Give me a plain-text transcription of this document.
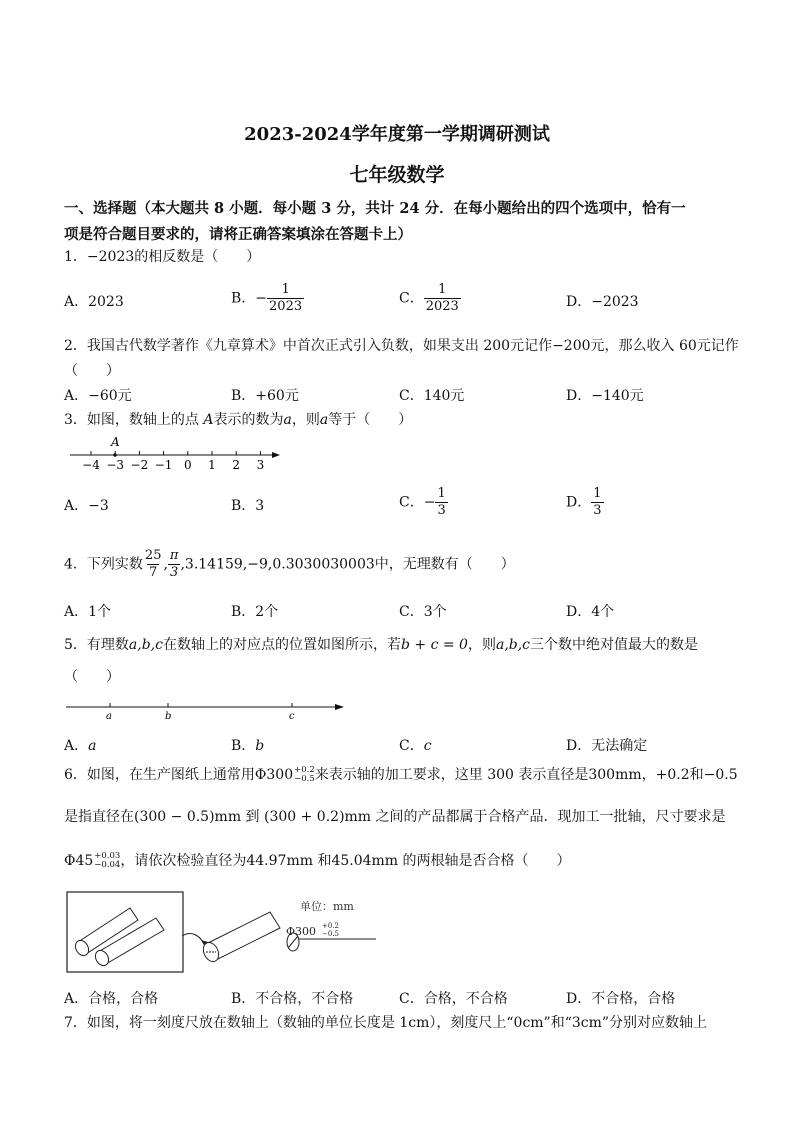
2023-2024学年度第一学期调研测试
七年级数学
一、选择题（本大题共 8 小题．每小题 3 分，共计 24 分．在每小题给出的四个选项中，恰有一
项是符合题目要求的，请将正确答案填涂在答题卡上）
1．−2023的相反数是（　　）
A．2023	B．− $\frac{1}{2023}$	C． $\frac{1}{2023}$	D．−2023
2．我国古代数学著作《九章算术》中首次正式引入负数，如果支出 200元记作−200元，那么收入 60元记作
（　　）
A．−60元	B．+60元	C．140元	D．−140元
3．如图，数轴上的点 A表示的数为a，则a等于（　　）
−4 −3 −2 −1 0 1 2 3
A
A．−3	B．3	C．− $\frac{1}{3}$	D． $\frac{1}{3}$
4．下列实数 $\frac{25}{7}$ , $\frac{\pi}{3} ,3.14159,-9,0.3030030003$中，无理数有（　　）
A．1个	B．2个	C．3个	D．4个
5．有理数a,b,c在数轴上的对应点的位置如图所示，若b + c = 0，则a,b,c三个数中绝对值最大的数是
（　　）
a	b	c
A．a	B．b	C．c	D．无法确定
6．如图，在生产图纸上通常用Φ300 +0.2
−0.5 来表示轴的加工要求，这里 300 表示直径是300mm，+0.2和−0.5
是指直径在(300 − 0.5)mm 到 (300 + 0.2)mm 之间的产品都属于合格产品．现加工一批轴，尺寸要求是
Φ45 +0.03
−0.04 ，请依次检验直径为44.97mm 和45.04mm 的两根轴是否合格（　　）
单位：mm
Φ300 +0.2
−0.5
A．合格，合格	B．不合格，不合格	C．合格，不合格	D．不合格，合格
7．如图，将一刻度尺放在数轴上（数轴的单位长度是 1cm），刻度尺上“0cm”和“3cm”分别对应数轴上
